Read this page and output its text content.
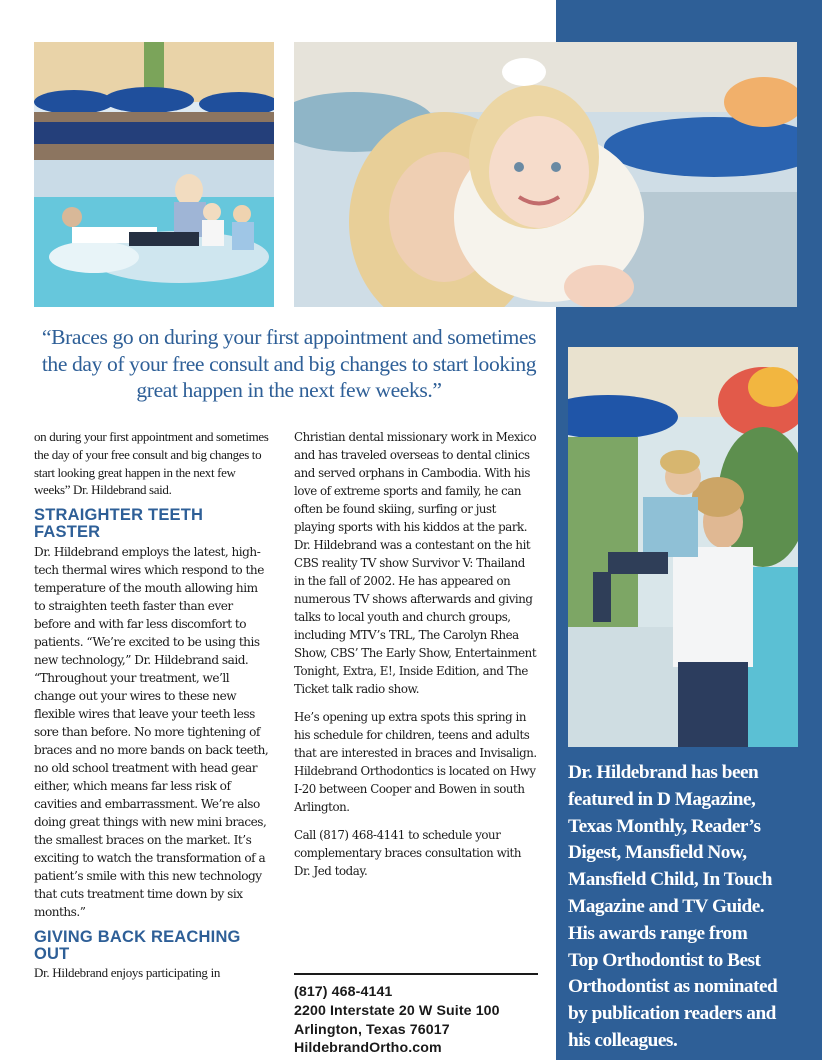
“Braces go on during your first appointment and sometimes the day of your free consult and big changes to start looking great happen in the next few weeks.”

on during your first appointment and sometimes the day of your free consult and big changes to start looking great happen in the next few weeks” Dr. Hildebrand said.

STRAIGHTER TEETH FASTER

Dr. Hildebrand employs the latest, high-tech thermal wires which respond to the temperature of the mouth allowing him to straighten teeth faster than ever before and with far less discomfort to patients. “We’re excited to be using this new technology,” Dr. Hildebrand said. “Throughout your treatment, we’ll change out your wires to these new flexible wires that leave your teeth less sore than before. No more tightening of braces and no more bands on back teeth, no old school treatment with head gear either, which means far less risk of cavities and embarrassment. We’re also doing great things with new mini braces, the smallest braces on the market. It’s exciting to watch the transformation of a patient’s smile with this new technology that cuts treatment time down by six months.”

GIVING BACK REACHING OUT

Dr. Hildebrand enjoys participating in

Christian dental missionary work in Mexico and has traveled overseas to dental clinics and served orphans in Cambodia. With his love of extreme sports and family, he can often be found skiing, surfing or just playing sports with his kiddos at the park. Dr. Hildebrand was a contestant on the hit CBS reality TV show Survivor V: Thailand in the fall of 2002. He has appeared on numerous TV shows afterwards and giving talks to local youth and church groups, including MTV’s TRL, The Carolyn Rhea Show, CBS’ The Early Show, Entertainment Tonight, Extra, E!, Inside Edition, and The Ticket talk radio show.

He’s opening up extra spots this spring in his schedule for children, teens and adults that are interested in braces and Invisalign. Hildebrand Orthodontics is located on Hwy I-20 between Cooper and Bowen in south Arlington.

Call (817) 468-4141 to schedule your complementary braces consultation with Dr. Jed today.

(817) 468-4141
2200 Interstate 20 W Suite 100
Arlington, Texas 76017
HildebrandOrtho.com
Dr. Hildebrand has been
featured in D Magazine,
Texas Monthly, Reader’s
Digest, Mansfield Now,
Mansfield Child, In Touch
Magazine and TV Guide.
His awards range from
Top Orthodontist to Best
Orthodontist as nominated
by publication readers and
his colleagues.
